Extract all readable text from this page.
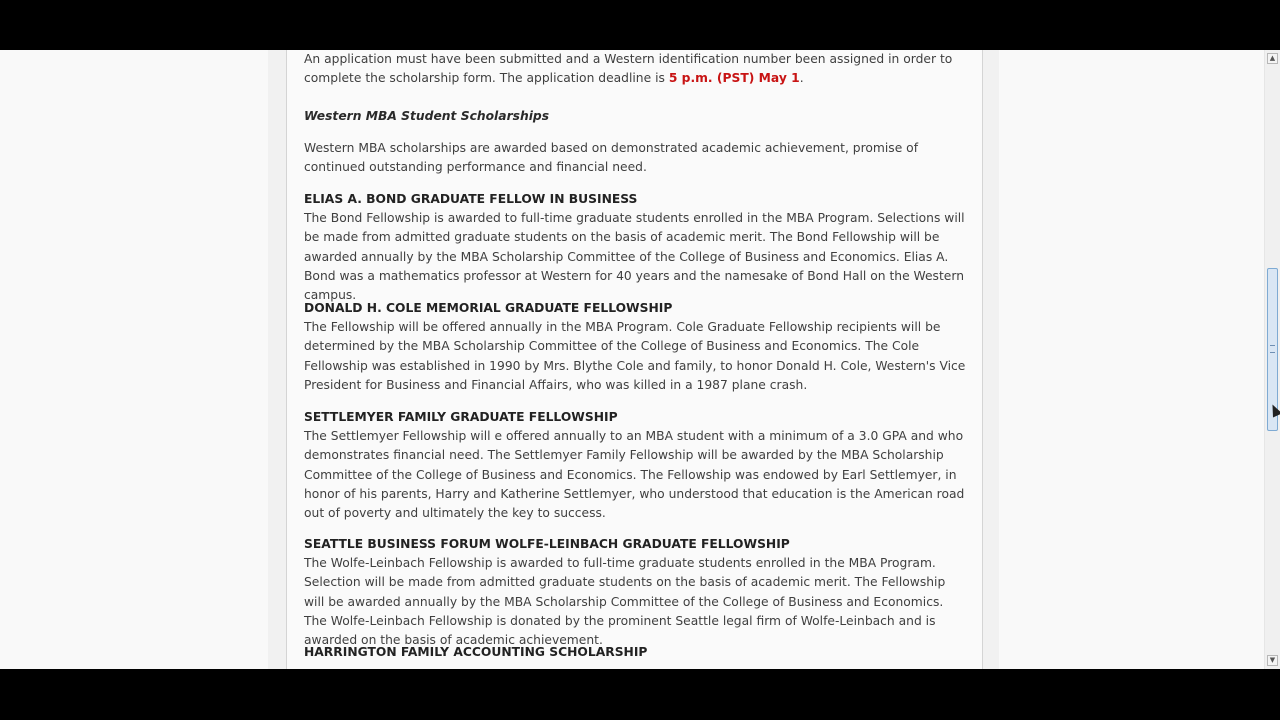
An application must have been submitted and a Western identification number been assigned in order to complete the scholarship form. The application deadline is 5 p.m. (PST) May 1.

Western MBA Student Scholarships

Western MBA scholarships are awarded based on demonstrated academic achievement, promise of continued outstanding performance and financial need.

ELIAS A. BOND GRADUATE FELLOW IN BUSINESS

The Bond Fellowship is awarded to full-time graduate students enrolled in the MBA Program. Selections will be made from admitted graduate students on the basis of academic merit. The Bond Fellowship will be awarded annually by the MBA Scholarship Committee of the College of Business and Economics. Elias A. Bond was a mathematics professor at Western for 40 years and the namesake of Bond Hall on the Western campus.

DONALD H. COLE MEMORIAL GRADUATE FELLOWSHIP

The Fellowship will be offered annually in the MBA Program. Cole Graduate Fellowship recipients will be determined by the MBA Scholarship Committee of the College of Business and Economics. The Cole Fellowship was established in 1990 by Mrs. Blythe Cole and family, to honor Donald H. Cole, Western's Vice President for Business and Financial Affairs, who was killed in a 1987 plane crash.

SETTLEMYER FAMILY GRADUATE FELLOWSHIP

The Settlemyer Fellowship will e offered annually to an MBA student with a minimum of a 3.0 GPA and who demonstrates financial need. The Settlemyer Family Fellowship will be awarded by the MBA Scholarship Committee of the College of Business and Economics. The Fellowship was endowed by Earl Settlemyer, in honor of his parents, Harry and Katherine Settlemyer, who understood that education is the American road out of poverty and ultimately the key to success.

SEATTLE BUSINESS FORUM WOLFE-LEINBACH GRADUATE FELLOWSHIP

The Wolfe-Leinbach Fellowship is awarded to full-time graduate students enrolled in the MBA Program. Selection will be made from admitted graduate students on the basis of academic merit. The Fellowship will be awarded annually by the MBA Scholarship Committee of the College of Business and Economics. The Wolfe-Leinbach Fellowship is donated by the prominent Seattle legal firm of Wolfe-Leinbach and is awarded on the basis of academic achievement.

HARRINGTON FAMILY ACCOUNTING SCHOLARSHIP

▲
▼
